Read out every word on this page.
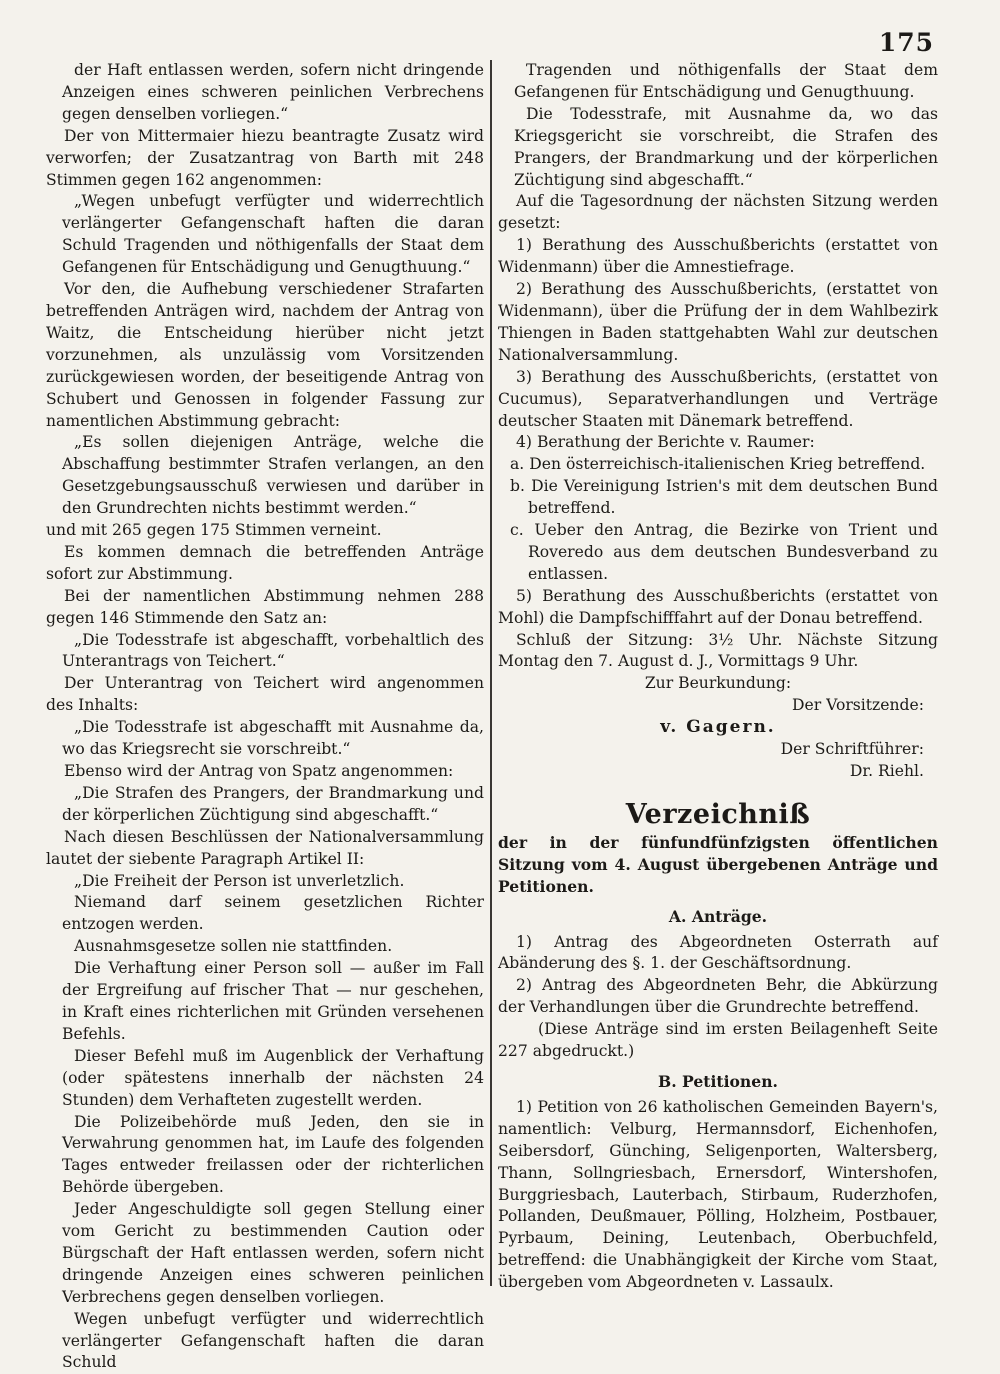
175

der Haft entlassen werden, sofern nicht dringende Anzeigen eines schweren peinlichen Verbrechens gegen denselben vorliegen.“

Der von Mittermaier hiezu beantragte Zusatz wird verworfen; der Zusatzantrag von Barth mit 248 Stimmen gegen 162 angenommen:

„Wegen unbefugt verfügter und widerrechtlich verlängerter Gefangenschaft haften die daran Schuld Tragenden und nöthigenfalls der Staat dem Gefangenen für Entschädigung und Genugthuung.“

Vor den, die Aufhebung verschiedener Strafarten betreffenden Anträgen wird, nachdem der Antrag von Waitz, die Entscheidung hierüber nicht jetzt vorzunehmen, als unzulässig vom Vorsitzenden zurückgewiesen worden, der beseitigende Antrag von Schubert und Genossen in folgender Fassung zur namentlichen Abstimmung gebracht:

„Es sollen diejenigen Anträge, welche die Abschaffung bestimmter Strafen verlangen, an den Gesetzgebungsausschuß verwiesen und darüber in den Grundrechten nichts bestimmt werden.“

und mit 265 gegen 175 Stimmen verneint.

Es kommen demnach die betreffenden Anträge sofort zur Abstimmung.

Bei der namentlichen Abstimmung nehmen 288 gegen 146 Stimmende den Satz an:

„Die Todesstrafe ist abgeschafft, vorbehaltlich des Unterantrags von Teichert.“

Der Unterantrag von Teichert wird angenommen des Inhalts:

„Die Todesstrafe ist abgeschafft mit Ausnahme da, wo das Kriegsrecht sie vorschreibt.“

Ebenso wird der Antrag von Spatz angenommen:

„Die Strafen des Prangers, der Brandmarkung und der körperlichen Züchtigung sind abgeschafft.“

Nach diesen Beschlüssen der Nationalversammlung lautet der siebente Paragraph Artikel II:

„Die Freiheit der Person ist unverletzlich.

Niemand darf seinem gesetzlichen Richter entzogen werden.

Ausnahmsgesetze sollen nie stattfinden.

Die Verhaftung einer Person soll — außer im Fall der Ergreifung auf frischer That — nur geschehen, in Kraft eines richterlichen mit Gründen versehenen Befehls.

Dieser Befehl muß im Augenblick der Verhaftung (oder spätestens innerhalb der nächsten 24 Stunden) dem Verhafteten zugestellt werden.

Die Polizeibehörde muß Jeden, den sie in Verwahrung genommen hat, im Laufe des folgenden Tages entweder freilassen oder der richterlichen Behörde übergeben.

Jeder Angeschuldigte soll gegen Stellung einer vom Gericht zu bestimmenden Caution oder Bürgschaft der Haft entlassen werden, sofern nicht dringende Anzeigen eines schweren peinlichen Verbrechens gegen denselben vorliegen.

Wegen unbefugt verfügter und widerrechtlich verlängerter Gefangenschaft haften die daran Schuld

Tragenden und nöthigenfalls der Staat dem Gefangenen für Entschädigung und Genugthuung.

Die Todesstrafe, mit Ausnahme da, wo das Kriegsgericht sie vorschreibt, die Strafen des Prangers, der Brandmarkung und der körperlichen Züchtigung sind abgeschafft.“

Auf die Tagesordnung der nächsten Sitzung werden gesetzt:

1) Berathung des Ausschußberichts (erstattet von Widenmann) über die Amnestiefrage.

2) Berathung des Ausschußberichts, (erstattet von Widenmann), über die Prüfung der in dem Wahlbezirk Thiengen in Baden stattgehabten Wahl zur deutschen Nationalversammlung.

3) Berathung des Ausschußberichts, (erstattet von Cucumus), Separatverhandlungen und Verträge deutscher Staaten mit Dänemark betreffend.

4) Berathung der Berichte v. Raumer:

a. Den österreichisch-italienischen Krieg betreffend.

b. Die Vereinigung Istrien's mit dem deutschen Bund betreffend.

c. Ueber den Antrag, die Bezirke von Trient und Roveredo aus dem deutschen Bundesverband zu entlassen.

5) Berathung des Ausschußberichts (erstattet von Mohl) die Dampfschifffahrt auf der Donau betreffend.

Schluß der Sitzung: 3½ Uhr. Nächste Sitzung Montag den 7. August d. J., Vormittags 9 Uhr.

Zur Beurkundung:

Der Vorsitzende:

v. Gagern.

Der Schriftführer:

Dr. Riehl.

Verzeichniß

der in der fünfundfünfzigsten öffentlichen Sitzung vom 4. August übergebenen Anträge und Petitionen.

A. Anträge.

1) Antrag des Abgeordneten Osterrath auf Abänderung des §. 1. der Geschäftsordnung.

2) Antrag des Abgeordneten Behr, die Abkürzung der Verhandlungen über die Grundrechte betreffend.

(Diese Anträge sind im ersten Beilagenheft Seite 227 abgedruckt.)

B. Petitionen.

1) Petition von 26 katholischen Gemeinden Bayern's, namentlich: Velburg, Hermannsdorf, Eichenhofen, Seibersdorf, Günching, Seligenporten, Waltersberg, Thann, Sollngriesbach, Ernersdorf, Wintershofen, Burggriesbach, Lauterbach, Stirbaum, Ruderzhofen, Pollanden, Deußmauer, Pölling, Holzheim, Postbauer, Pyrbaum, Deining, Leutenbach, Oberbuchfeld, betreffend: die Unabhängigkeit der Kirche vom Staat, übergeben vom Abgeordneten v. Lassaulx.
